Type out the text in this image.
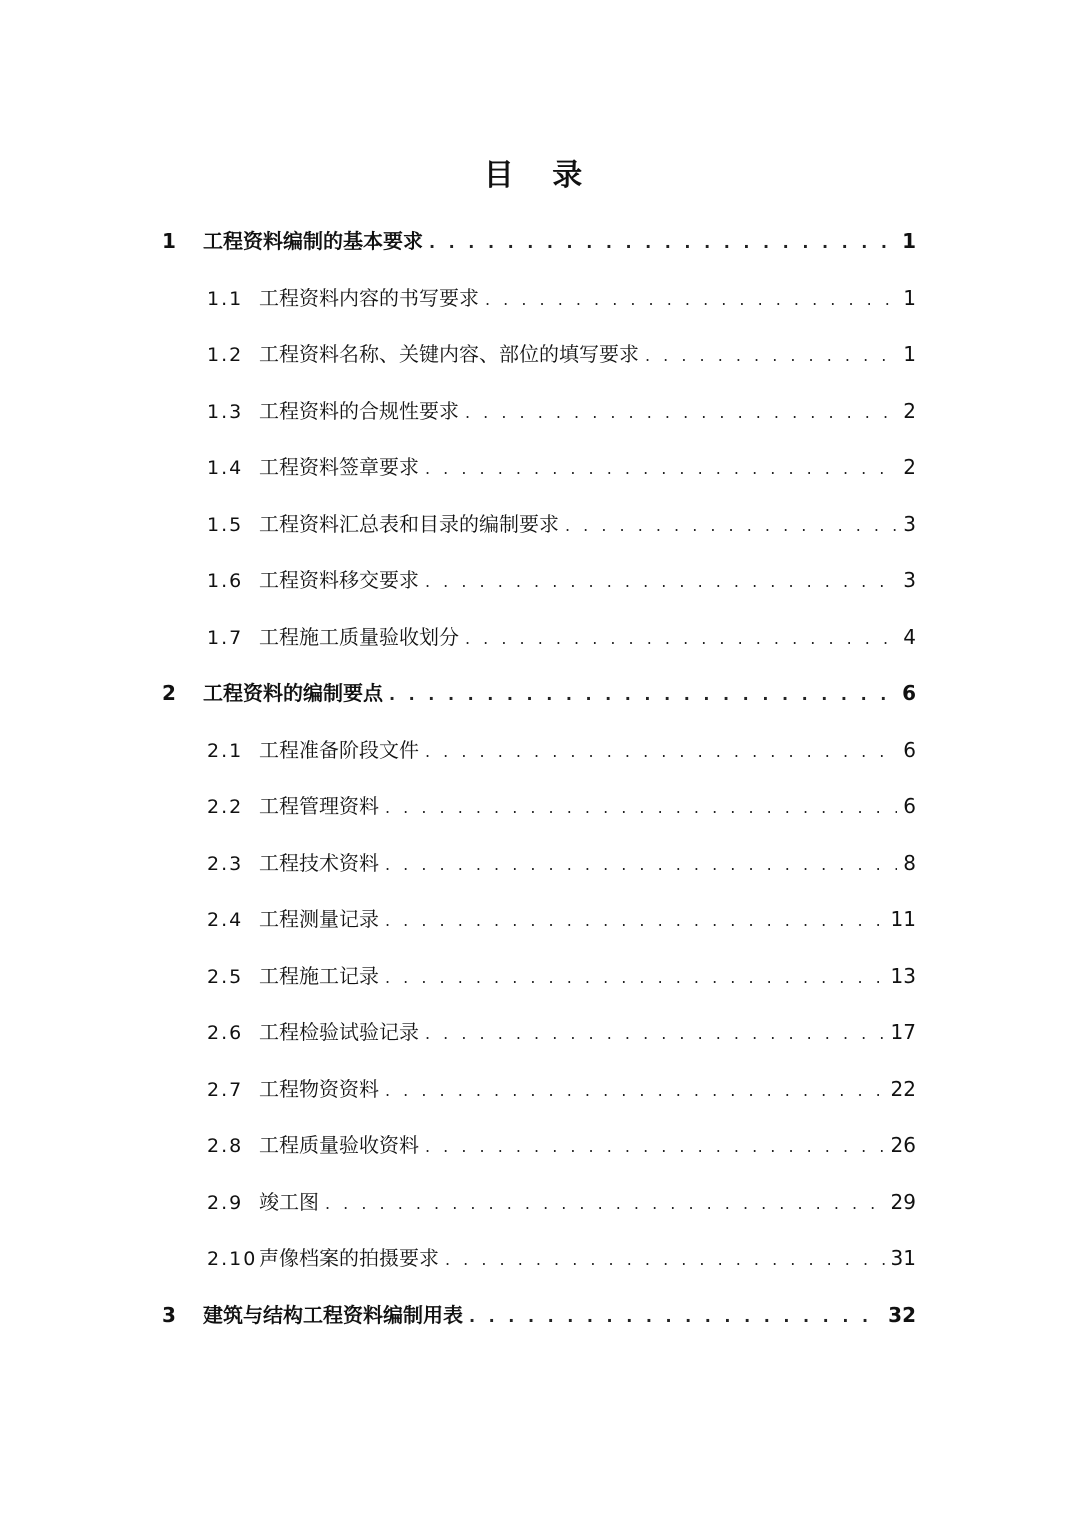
目 录
1	工程资料编制的基本要求 . . .	1
1.1 工程资料内容的书写要求 . . .	1
1.2 工程资料名称、关键内容、部位的填写要求 . . .	1
1.3 工程资料的合规性要求 . . .	2
1.4 工程资料签章要求 . . .	2
1.5 工程资料汇总表和目录的编制要求 . . .	3
1.6 工程资料移交要求 . . .	3
1.7 工程施工质量验收划分 . . .	4
2	工程资料的编制要点 . . .	6
2.1 工程准备阶段文件 . . .	6
2.2 工程管理资料 . . .	6
2.3 工程技术资料 . . .	8
2.4 工程测量记录 . . .	11
2.5 工程施工记录 . . .	13
2.6 工程检验试验记录 . . .	17
2.7 工程物资资料 . . .	22
2.8 工程质量验收资料 . . .	26
2.9 竣工图 . . .	29
2.10 声像档案的拍摄要求 . . .	31
3	建筑与结构工程资料编制用表 . . .	32
